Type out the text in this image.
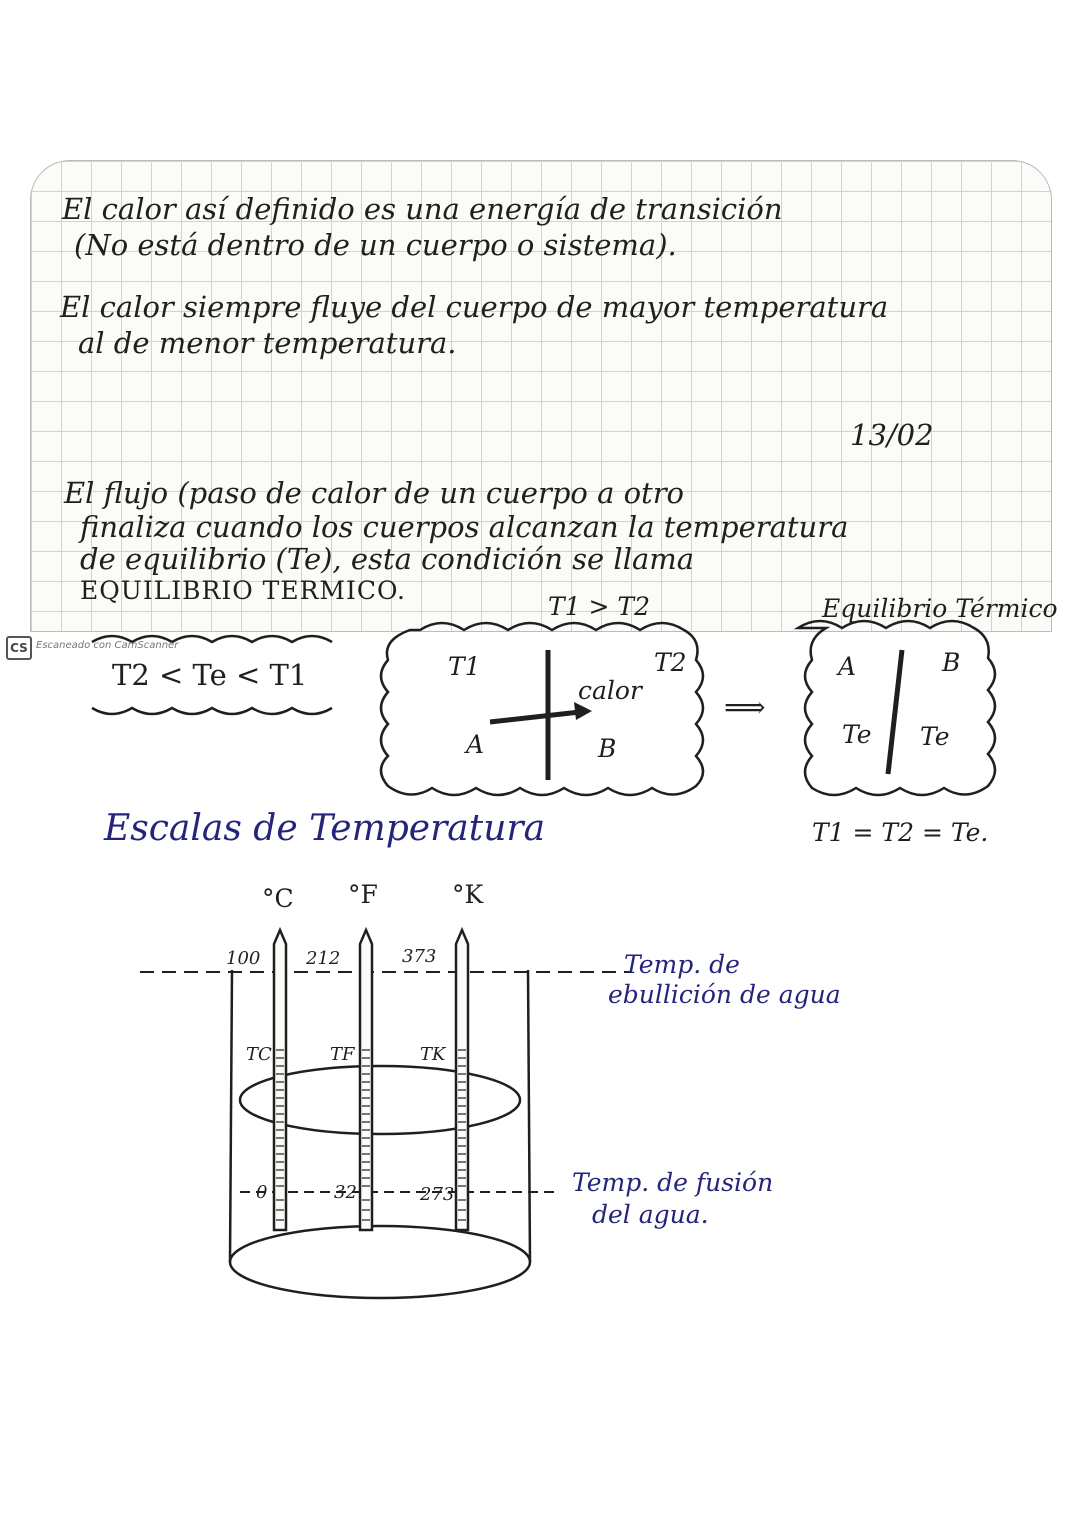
El calor así definido es una energía de transición
(No está dentro de un cuerpo o sistema).
El calor siempre fluye del cuerpo de mayor temperatura
al de menor temperatura.
13/02
El flujo (paso de calor de un cuerpo a otro
finaliza cuando los cuerpos alcanzan la temperatura
de equilibrio (Te), esta condición se llama
EQUILIBRIO TERMICO.
T2 < Te < T1
T1 > T2
T1	T2
calor
A	B
⟹
Equilibrio Térmico
A	B
Te Te
T1 = T2 = Te.
Escalas de Temperatura
°C °F	°K
100	212	373
TC	TF	TK
0	32	273
Temp. de
ebullición de agua
Temp. de fusión
del agua.
CS Escaneado con CamScanner
